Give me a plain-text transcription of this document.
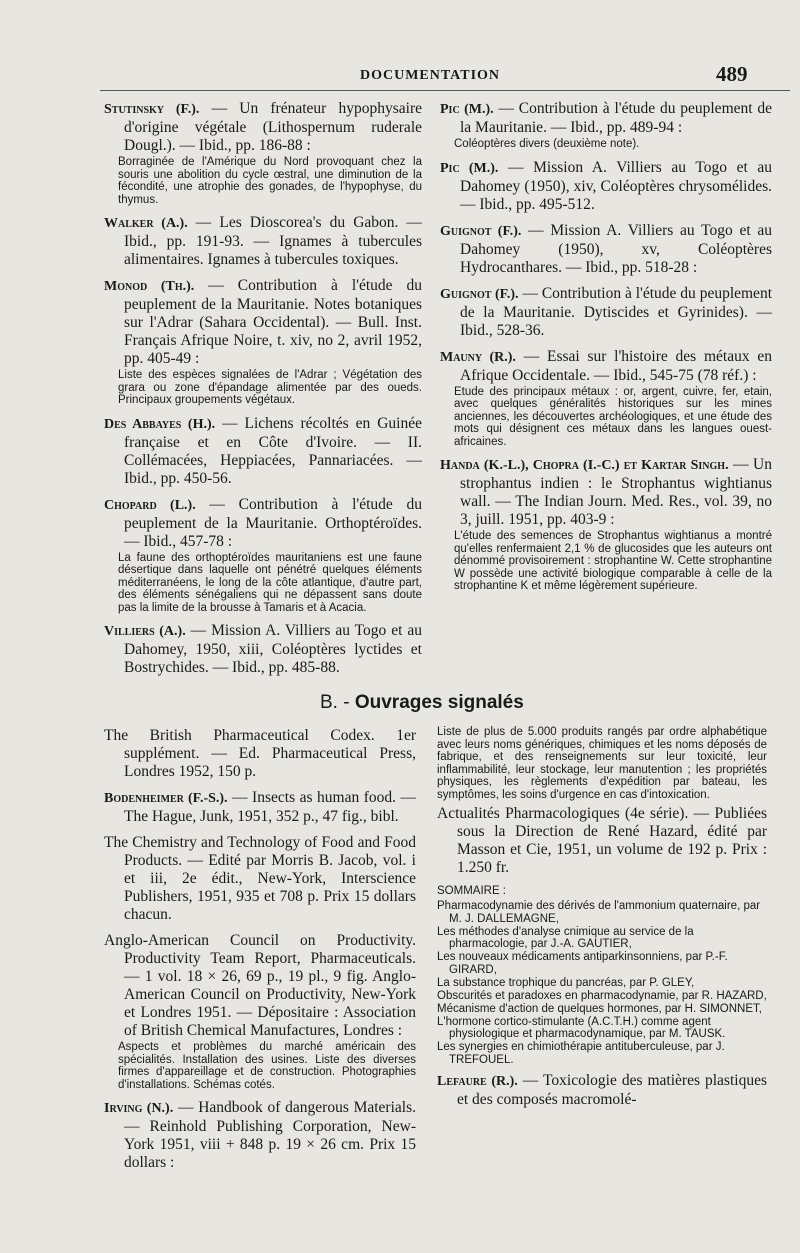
DOCUMENTATION	489

Stutinsky (F.). — Un frénateur hypophysaire d'origine végétale (Lithospernum ruderale Dougl.). — Ibid., pp. 186-88 :

Borraginée de l'Amérique du Nord provoquant chez la souris une abolition du cycle œstral, une diminution de la fécondité, une atrophie des gonades, de l'hypophyse, du thymus.

Walker (A.). — Les Dioscorea's du Gabon. — Ibid., pp. 191-93. — Ignames à tubercules alimentaires. Ignames à tubercules toxiques.

Monod (Th.). — Contribution à l'étude du peuplement de la Mauritanie. Notes botaniques sur l'Adrar (Sahara Occidental). — Bull. Inst. Français Afrique Noire, t. xiv, no 2, avril 1952, pp. 405-49 :

Liste des espèces signalées de l'Adrar ; Végétation des grara ou zone d'épandage alimentée par des oueds. Principaux groupements végétaux.

Des Abbayes (H.). — Lichens récoltés en Guinée française et en Côte d'Ivoire. — II. Collémacées, Heppiacées, Pannariacées. — Ibid., pp. 450-56.

Chopard (L.). — Contribution à l'étude du peuplement de la Mauritanie. Orthoptéroïdes. — Ibid., 457-78 :

La faune des orthoptéroïdes mauritaniens est une faune désertique dans laquelle ont pénétré quelques éléments méditerranéens, le long de la côte atlantique, d'autre part, des éléments sénégaliens qui ne dépassent sans doute pas la limite de la brousse à Tamaris et à Acacia.

Villiers (A.). — Mission A. Villiers au Togo et au Dahomey, 1950, xiii, Coléoptères lyctides et Bostrychides. — Ibid., pp. 485-88.

Pic (M.). — Contribution à l'étude du peuplement de la Mauritanie. — Ibid., pp. 489-94 :

Coléoptères divers (deuxième note).

Pic (M.). — Mission A. Villiers au Togo et au Dahomey (1950), xiv, Coléoptères chrysomélides. — Ibid., pp. 495-512.

Guignot (F.). — Mission A. Villiers au Togo et au Dahomey (1950), xv, Coléoptères Hydrocanthares. — Ibid., pp. 518-28 :

Guignot (F.). — Contribution à l'étude du peuplement de la Mauritanie. Dytiscides et Gyrinides). — Ibid., 528-36.

Mauny (R.). — Essai sur l'histoire des métaux en Afrique Occidentale. — Ibid., 545-75 (78 réf.) :

Etude des principaux métaux : or, argent, cuivre, fer, etain, avec quelques généralités historiques sur les mines anciennes, les découvertes archéologiques, et une étude des mots qui désignent ces métaux dans les langues ouest-africaines.

Handa (K.-L.), Chopra (I.-C.) et Kartar Singh. — Un strophantus indien : le Strophantus wightianus wall. — The Indian Journ. Med. Res., vol. 39, no 3, juill. 1951, pp. 403-9 :

L'étude des semences de Strophantus wightianus a montré qu'elles renfermaient 2,1 % de glucosides que les auteurs ont dénommé provisoirement : strophantine W. Cette strophantine W possède une activité biologique comparable à celle de la strophantine K et même légèrement supérieure.
B. - Ouvrages signalés

The British Pharmaceutical Codex. 1er supplément. — Ed. Pharmaceutical Press, Londres 1952, 150 p.

Bodenheimer (F.-S.). — Insects as human food. — The Hague, Junk, 1951, 352 p., 47 fig., bibl.

The Chemistry and Technology of Food and Food Products. — Edité par Morris B. Jacob, vol. i et iii, 2e édit., New-York, Interscience Publishers, 1951, 935 et 708 p. Prix 15 dollars chacun.

Anglo-American Council on Productivity. Productivity Team Report, Pharmaceuticals. — 1 vol. 18 × 26, 69 p., 19 pl., 9 fig. Anglo-American Council on Productivity, New-York et Londres 1951. — Dépositaire : Association of British Chemical Manufactures, Londres :

Aspects et problèmes du marché américain des spécialités. Installation des usines. Liste des diverses firmes d'appareillage et de construction. Photographies d'installations. Schémas cotés.

Irving (N.). — Handbook of dangerous Materials. — Reinhold Publishing Corporation, New-York 1951, viii + 848 p. 19 × 26 cm. Prix 15 dollars :

Liste de plus de 5.000 produits rangés par ordre alphabétique avec leurs noms génériques, chimiques et les noms déposés de fabrique, et des renseignements sur leur toxicité, leur inflammabilité, leur stockage, leur manutention ; les propriétés physiques, les règlements d'expédition par bateau, les symptômes, les soins d'urgence en cas d'intoxication.

Actualités Pharmacologiques (4e série). — Publiées sous la Direction de René Hazard, édité par Masson et Cie, 1951, un volume de 192 p. Prix : 1.250 fr.

SOMMAIRE :
Pharmacodynamie des dérivés de l'ammonium quaternaire, par M. J. DALLEMAGNE,
Les méthodes d'analyse cnimique au service de la pharmacologie, par J.-A. GAUTIER,
Les nouveaux médicaments antiparkinsonniens, par P.-F. GIRARD,
La substance trophique du pancréas, par P. GLEY,
Obscurités et paradoxes en pharmacodynamie, par R. HAZARD,
Mécanisme d'action de quelques hormones, par H. SIMONNET,
L'hormone cortico-stimulante (A.C.T.H.) comme agent physiologique et pharmacodynamique, par M. TAUSK.
Les synergies en chimiothérapie antituberculeuse, par J. TREFOUEL.

Lefaure (R.). — Toxicologie des matières plastiques et des composés macromolé-
